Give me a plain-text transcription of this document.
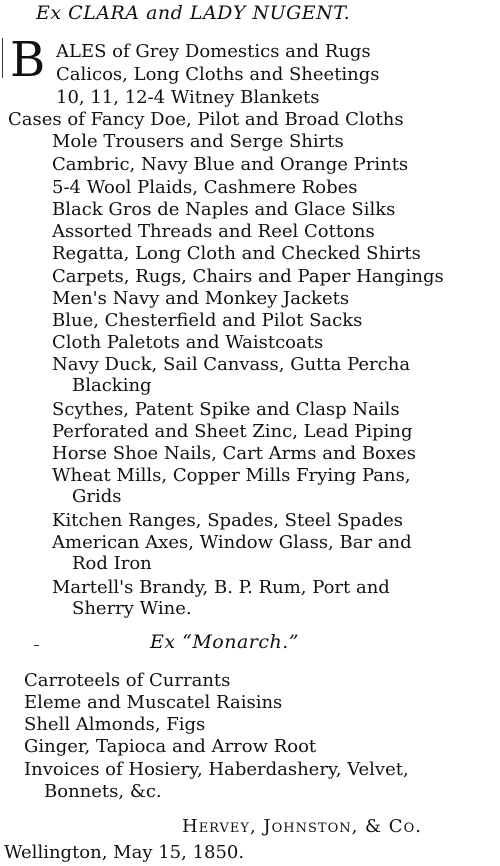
Ex CLARA and LADY NUGENT.
B ALES of Grey Domestics and Rugs
Calicos, Long Cloths and Sheetings
10, 11, 12-4 Witney Blankets
Cases of Fancy Doe, Pilot and Broad Cloths
Mole Trousers and Serge Shirts
Cambric, Navy Blue and Orange Prints
5-4 Wool Plaids, Cashmere Robes
Black Gros de Naples and Glace Silks
Assorted Threads and Reel Cottons
Regatta, Long Cloth and Checked Shirts
Carpets, Rugs, Chairs and Paper Hangings
Men's Navy and Monkey Jackets
Blue, Chesterfield and Pilot Sacks
Cloth Paletots and Waistcoats
Navy Duck, Sail Canvass, Gutta Percha
Blacking
Scythes, Patent Spike and Clasp Nails
Perforated and Sheet Zinc, Lead Piping
Horse Shoe Nails, Cart Arms and Boxes
Wheat Mills, Copper Mills Frying Pans,
Grids
Kitchen Ranges, Spades, Steel Spades
American Axes, Window Glass, Bar and
Rod Iron
Martell's Brandy, B. P. Rum, Port and
Sherry Wine.
Ex “Monarch.”
Carroteels of Currants
Eleme and Muscatel Raisins
Shell Almonds, Figs
Ginger, Tapioca and Arrow Root
Invoices of Hosiery, Haberdashery, Velvet,
Bonnets, &c.
Hervey, Johnston, & Co.
Wellington, May 15, 1850.
